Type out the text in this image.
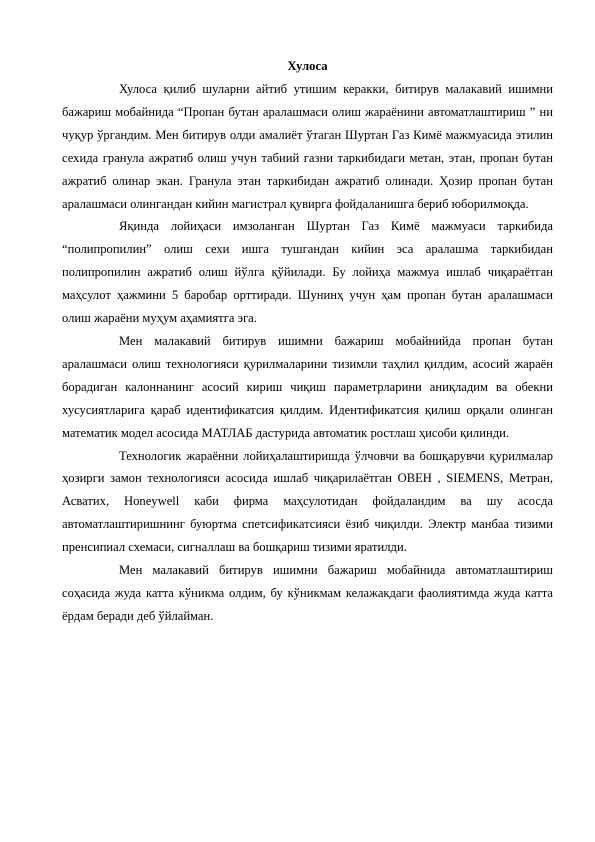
Хулоса

Хулоса қилиб шуларни айтиб утишим керакки, битирув малакавий ишимни бажариш мобайнида “Пропан бутан аралашмаси олиш жараёнини автоматлаштириш ” ни чуқур ўргандим. Мен битирув олди амалиёт ўтаган Шуртан Газ Кимё мажмуасида этилин сехида гранула ажратиб олиш учун табиий газни таркибидаги метан, этан, пропан бутан ажратиб олинар экан. Гранула этан таркибидан ажратиб олинади. Ҳозир пропан бутан аралашмаси олингандан кийин магистрал қувирга фойдаланишга бериб юборилмоқда.

Яқинда лойиҳаси имзоланган Шуртан Газ Кимё мажмуаси таркибида “полипропилин” олиш сехи ишга тушгандан кийин эса аралашма таркибидан полипропилин ажратиб олиш йўлга қўйилади. Бу лойиҳа мажмуа ишлаб чиқараётган маҳсулот ҳажмини 5 баробар орттиради. Шунинҳ учун ҳам пропан бутан аралашмаси олиш жараёни муҳум аҳамиятга эга.

Мен малакавий битирув ишимни бажариш мобайнийда пропан бутан аралашмаси олиш технологияси қурилмаларини тизимли таҳлил қилдим, асосий жараён борадиган калоннанинг асосий кириш чиқиш параметрларини аниқладим ва обекни хусусиятларига қараб идентификатсия қилдим. Идентификатсия қилиш орқали олинган математик модел асосида МАТЛАБ дастурида автоматик ростлаш ҳисоби қилинди.

Технологик жараённи лойиҳалаштиришда ўлчовчи ва бошқарувчи қурилмалар ҳозирги замон технологияси асосида ишлаб чиқарилаётган ОВЕН , SIEMENS, Метран, Асватих, Honeywell каби фирма маҳсулотидан фойдаландим ва шу асосда автоматлаштиришнинг буюртма спетсификатсияси ёзиб чиқилди. Электр манбаа тизими пренсипиал схемаси, сигналлаш ва бошқариш тизими яратилди.

Мен малакавий битирув ишимни бажариш мобайнида автоматлаштириш соҳасида жуда катта кўникма олдим, бу кўникмам келажакдаги фаолиятимда жуда катта ёрдам беради деб ўйлайман.
